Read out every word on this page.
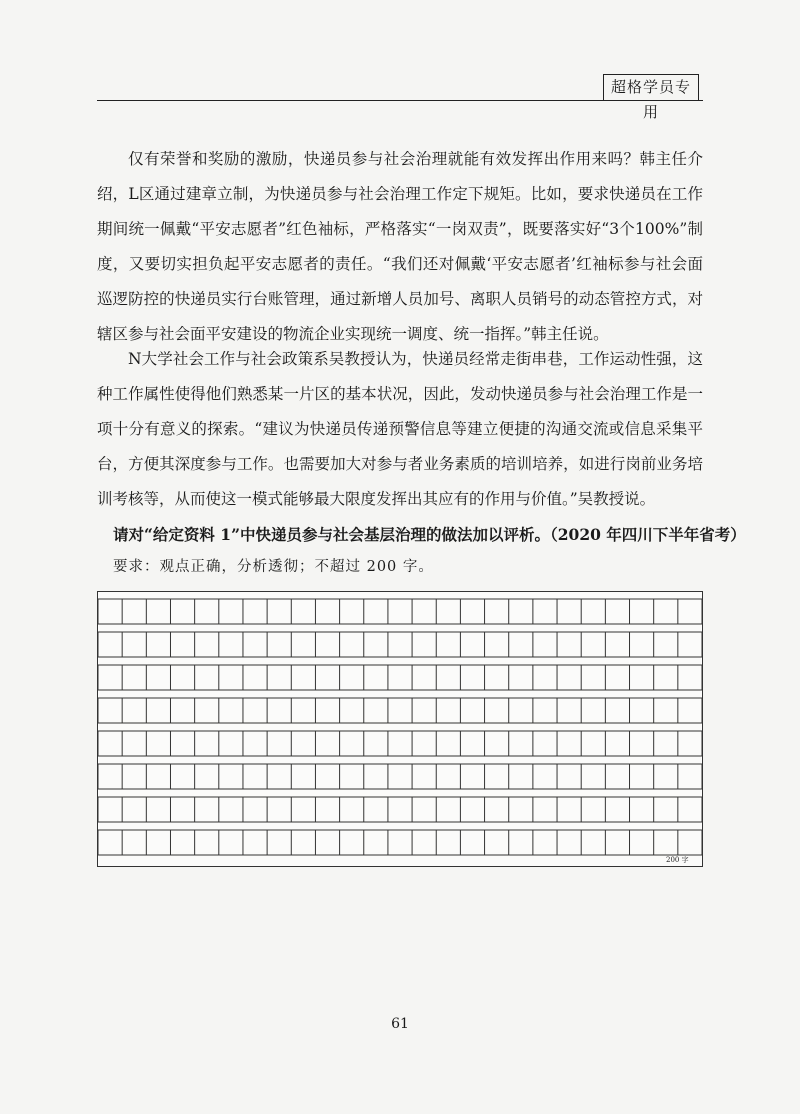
超格学员专用

仅有荣誉和奖励的激励，快递员参与社会治理就能有效发挥出作用来吗？韩主任介绍，L区通过建章立制，为快递员参与社会治理工作定下规矩。比如，要求快递员在工作期间统一佩戴“平安志愿者”红色袖标，严格落实“一岗双责”，既要落实好“3个100%”制度，又要切实担负起平安志愿者的责任。“我们还对佩戴‘平安志愿者’红袖标参与社会面巡逻防控的快递员实行台账管理，通过新增人员加号、离职人员销号的动态管控方式，对辖区参与社会面平安建设的物流企业实现统一调度、统一指挥。”韩主任说。

N大学社会工作与社会政策系吴教授认为，快递员经常走街串巷，工作运动性强，这种工作属性使得他们熟悉某一片区的基本状况，因此，发动快递员参与社会治理工作是一项十分有意义的探索。“建议为快递员传递预警信息等建立便捷的沟通交流或信息采集平台，方便其深度参与工作。也需要加大对参与者业务素质的培训培养，如进行岗前业务培训考核等，从而使这一模式能够最大限度发挥出其应有的作用与价值。”吴教授说。

请对“给定资料 1”中快递员参与社会基层治理的做法加以评析。（2020 年四川下半年省考）
要求：观点正确，分析透彻；不超过 200 字。
200 字
61
